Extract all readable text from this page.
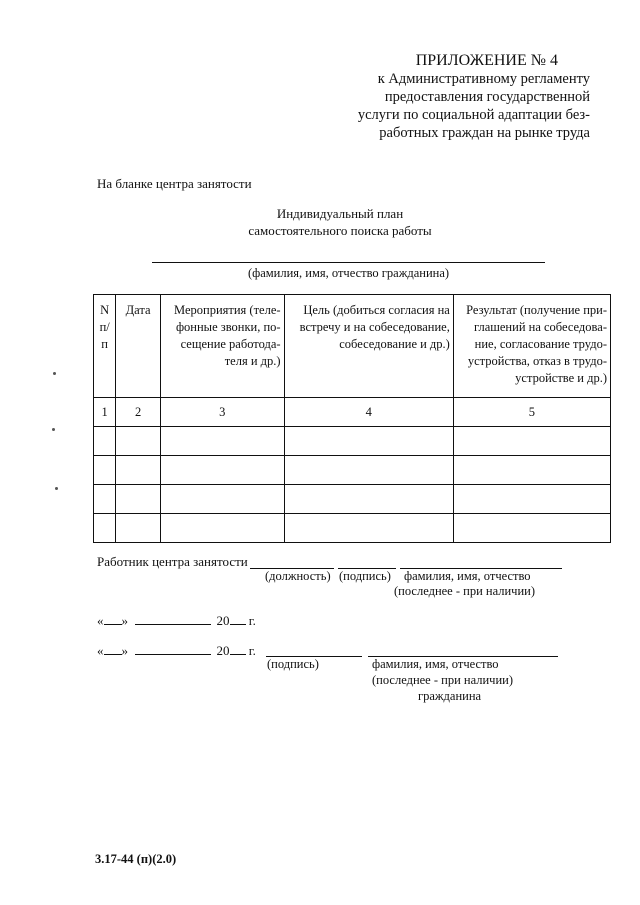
ПРИЛОЖЕНИЕ № 4
к Административному регламенту
предоставления государственной
услуги по социальной адаптации без-
работных граждан на рынке труда
На бланке центра занятости
Индивидуальный план
самостоятельного поиска работы
(фамилия, имя, отчество гражданина)
N п/п	Дата	Мероприятия (теле- фонные звонки, по- сещение работода- теля и др.)	Цель (добиться согласия на встречу и на собеседование, собеседование и др.)	Результат (получение при- глашений на собеседова- ние, согласование трудо- устройства, отказ в трудо- устройстве и др.)
1	2	3	4	5

Работник центра занятости
(должность) (подпись) фамилия, имя, отчество
(последнее - при наличии)
« »	20 г.
« »	20 г.
(подпись)	фамилия, имя, отчество
(последнее - при наличии)
гражданина
3.17-44 (п)(2.0)
